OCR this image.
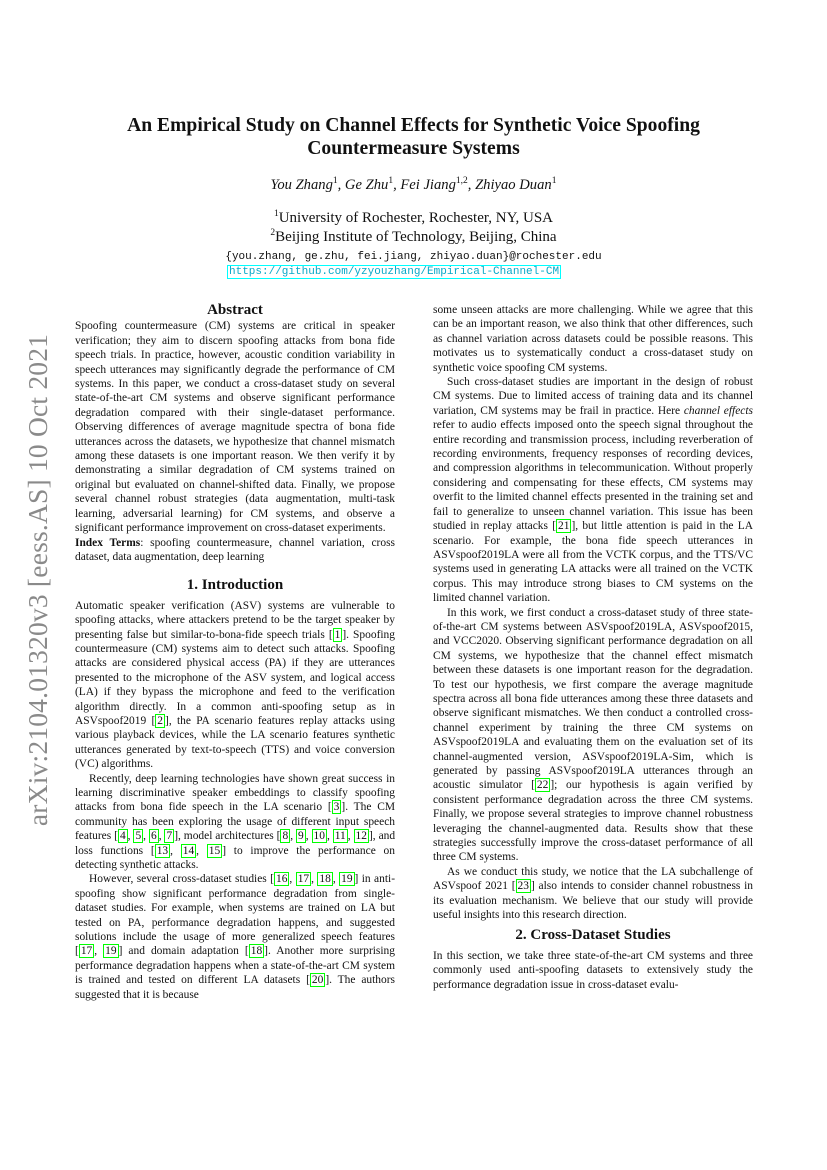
arXiv:2104.01320v3 [eess.AS] 10 Oct 2021
An Empirical Study on Channel Effects for Synthetic Voice Spoofing
Countermeasure Systems
You Zhang$^1$, Ge Zhu$^1$, Fei Jiang$^{1,2}$, Zhiyao Duan$^1$
$^1$University of Rochester, Rochester, NY, USA
$^2$Beijing Institute of Technology, Beijing, China
{you.zhang, ge.zhu, fei.jiang, zhiyao.duan}@rochester.edu
https://github.com/yzyouzhang/Empirical-Channel-CM
Abstract

Spoofing countermeasure (CM) systems are critical in speaker verification; they aim to discern spoofing attacks from bona fide speech trials. In practice, however, acoustic condition variability in speech utterances may significantly degrade the performance of CM systems. In this paper, we conduct a cross-dataset study on several state-of-the-art CM systems and observe significant performance degradation compared with their single-dataset performance. Observing differences of average magnitude spectra of bona fide utterances across the datasets, we hypothesize that channel mismatch among these datasets is one important reason. We then verify it by demonstrating a similar degradation of CM systems trained on original but evaluated on channel-shifted data. Finally, we propose several channel robust strategies (data augmentation, multi-task learning, adversarial learning) for CM systems, and observe a significant performance improvement on cross-dataset experiments.

Index Terms: spoofing countermeasure, channel variation, cross dataset, data augmentation, deep learning

1. Introduction

Automatic speaker verification (ASV) systems are vulnerable to spoofing attacks, where attackers pretend to be the target speaker by presenting false but similar-to-bona-fide speech trials [ 1 ]. Spoofing countermeasure (CM) systems aim to detect such attacks. Spoofing attacks are considered physical access (PA) if they are utterances presented to the microphone of the ASV system, and logical access (LA) if they bypass the microphone and feed to the verification algorithm directly. In a common anti-spoofing setup as in ASVspoof2019 [ 2 ], the PA scenario features replay attacks using various playback devices, while the LA scenario features synthetic utterances generated by text-to-speech (TTS) and voice conversion (VC) algorithms.

Recently, deep learning technologies have shown great success in learning discriminative speaker embeddings to classify spoofing attacks from bona fide speech in the LA scenario [ 3 ]. The CM community has been exploring the usage of different input speech features [ 4 , 5 , 6 , 7 ], model architectures [ 8 , 9 , 10 , 11 , 12 ], and loss functions [ 13 , 14 , 15 ] to improve the performance on detecting synthetic attacks.

However, several cross-dataset studies [ 16 , 17 , 18 , 19 ] in anti-spoofing show significant performance degradation from single-dataset studies. For example, when systems are trained on LA but tested on PA, performance degradation happens, and suggested solutions include the usage of more generalized speech features [ 17 , 19 ] and domain adaptation [ 18 ]. Another more surprising performance degradation happens when a state-of-the-art CM system is trained and tested on different LA datasets [ 20 ]. The authors suggested that it is because

some unseen attacks are more challenging. While we agree that this can be an important reason, we also think that other differences, such as channel variation across datasets could be possible reasons. This motivates us to systematically conduct a cross-dataset study on synthetic voice spoofing CM systems.

Such cross-dataset studies are important in the design of robust CM systems. Due to limited access of training data and its channel variation, CM systems may be frail in practice. Here channel effects refer to audio effects imposed onto the speech signal throughout the entire recording and transmission process, including reverberation of recording environments, frequency responses of recording devices, and compression algorithms in telecommunication. Without properly considering and compensating for these effects, CM systems may overfit to the limited channel effects presented in the training set and fail to generalize to unseen channel variation. This issue has been studied in replay attacks [ 21 ], but little attention is paid in the LA scenario. For example, the bona fide speech utterances in ASVspoof2019LA were all from the VCTK corpus, and the TTS/VC systems used in generating LA attacks were all trained on the VCTK corpus. This may introduce strong biases to CM systems on the limited channel variation.

In this work, we first conduct a cross-dataset study of three state-of-the-art CM systems between ASVspoof2019LA, ASVspoof2015, and VCC2020. Observing significant performance degradation on all CM systems, we hypothesize that the channel effect mismatch between these datasets is one important reason for the degradation. To test our hypothesis, we first compare the average magnitude spectra across all bona fide utterances among these three datasets and observe significant mismatches. We then conduct a controlled cross-channel experiment by training the three CM systems on ASVspoof2019LA and evaluating them on the evaluation set of its channel-augmented version, ASVspoof2019LA-Sim, which is generated by passing ASVspoof2019LA utterances through an acoustic simulator [ 22 ]; our hypothesis is again verified by consistent performance degradation across the three CM systems. Finally, we propose several strategies to improve channel robustness leveraging the channel-augmented data. Results show that these strategies successfully improve the cross-dataset performance of all three CM systems.

As we conduct this study, we notice that the LA subchallenge of ASVspoof 2021 [ 23 ] also intends to consider channel robustness in its evaluation mechanism. We believe that our study will provide useful insights into this research direction.

2. Cross-Dataset Studies

In this section, we take three state-of-the-art CM systems and three commonly used anti-spoofing datasets to extensively study the performance degradation issue in cross-dataset evalu-
